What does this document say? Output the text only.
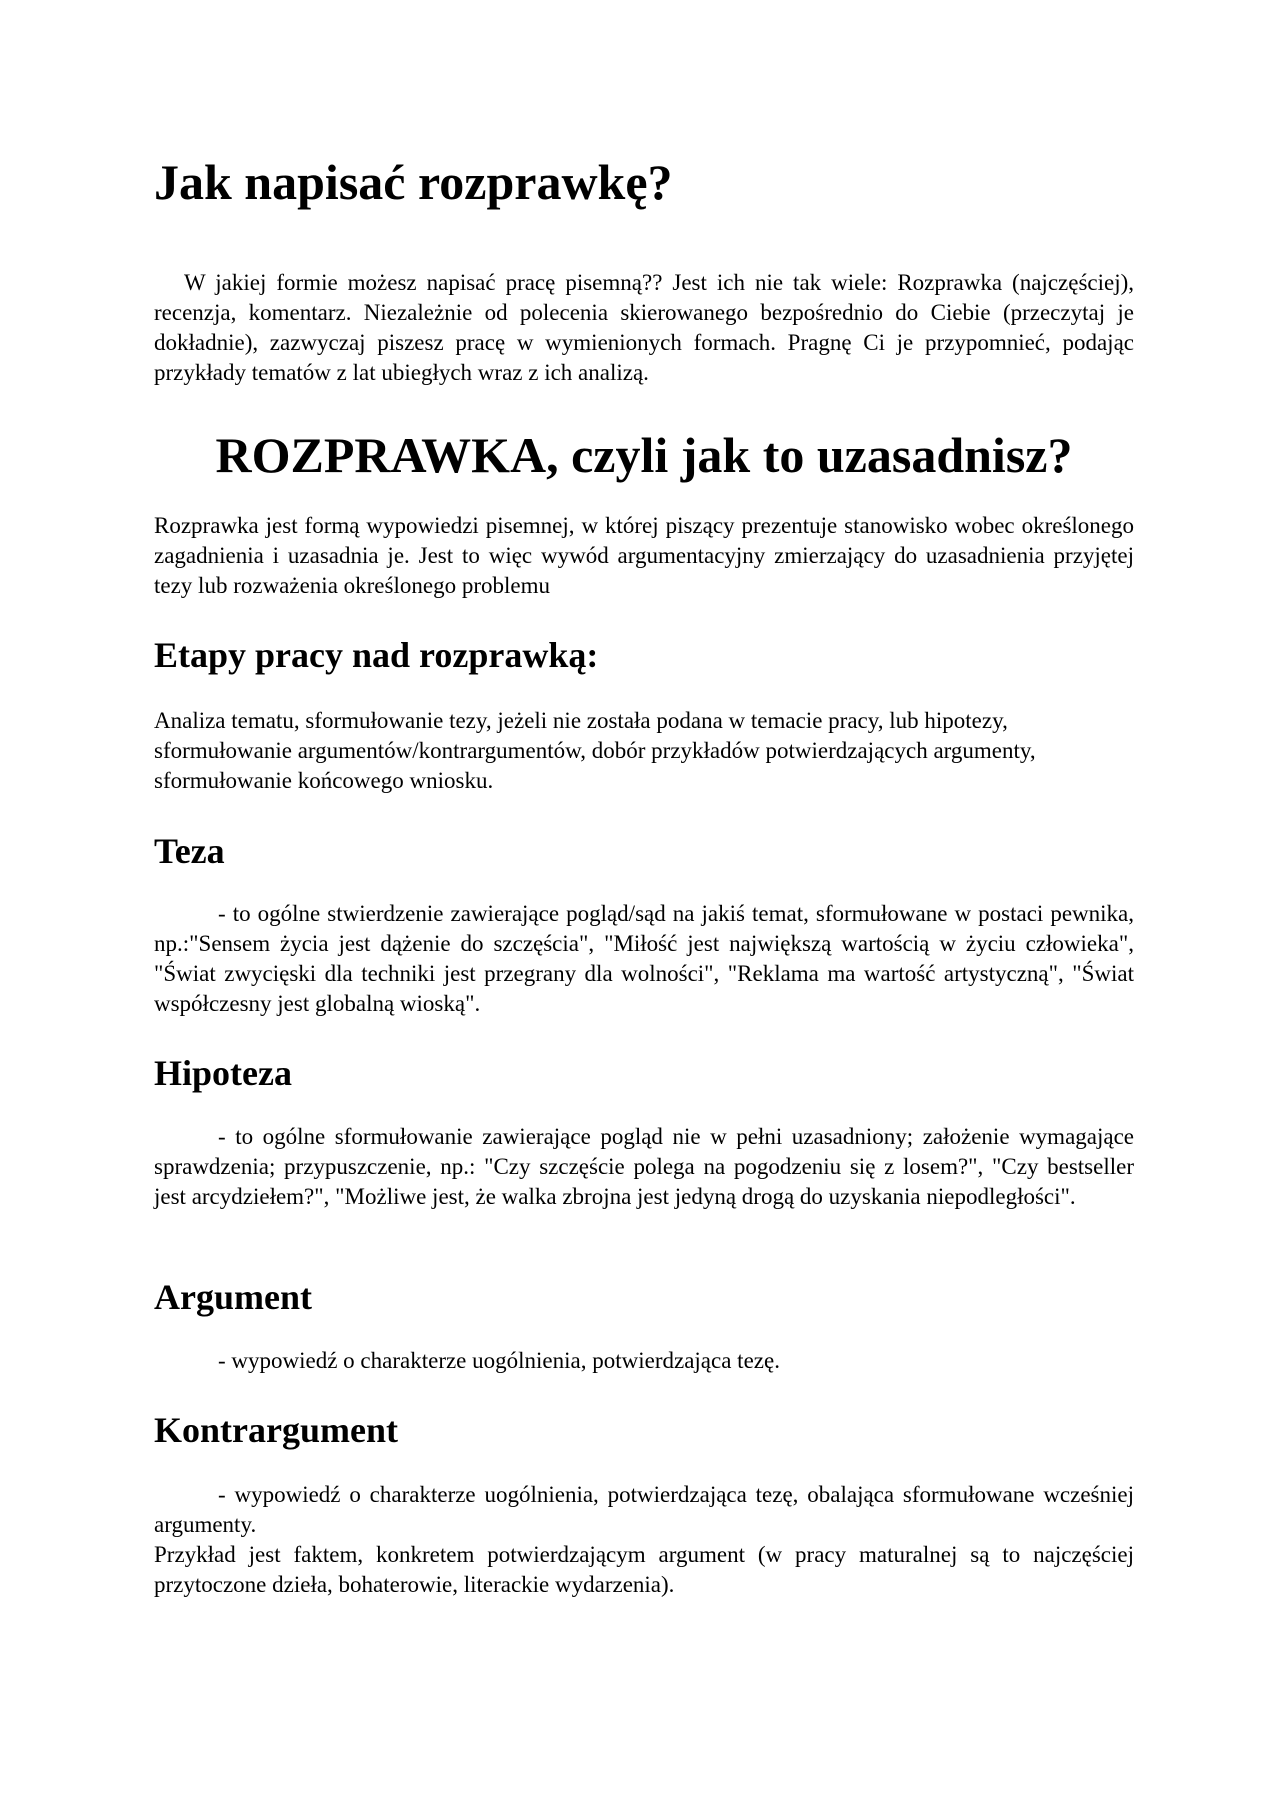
Jak napisać rozprawkę?

W jakiej formie możesz napisać pracę pisemną?? Jest ich nie tak wiele: Rozprawka (najczęściej), recenzja, komentarz. Niezależnie od polecenia skierowanego bezpośrednio do Ciebie (przeczytaj je dokładnie), zazwyczaj piszesz pracę w wymienionych formach. Pragnę Ci je przypomnieć, podając przykłady tematów z lat ubiegłych wraz z ich analizą.

ROZPRAWKA, czyli jak to uzasadnisz?

Rozprawka jest formą wypowiedzi pisemnej, w której piszący prezentuje stanowisko wobec określonego zagadnienia i uzasadnia je. Jest to więc wywód argumentacyjny zmierzający do uzasadnienia przyjętej tezy lub rozważenia określonego problemu

Etapy pracy nad rozprawką:

Analiza tematu, sformułowanie tezy, jeżeli nie została podana w temacie pracy, lub hipotezy, sformułowanie argumentów/kontrargumentów, dobór przykładów potwierdzających argumenty, sformułowanie końcowego wniosku.

Teza

- to ogólne stwierdzenie zawierające pogląd/sąd na jakiś temat, sformułowane w postaci pewnika, np.:"Sensem życia jest dążenie do szczęścia", "Miłość jest największą wartością w życiu człowieka", "Świat zwycięski dla techniki jest przegrany dla wolności", "Reklama ma wartość artystyczną", "Świat współczesny jest globalną wioską".

Hipoteza

- to ogólne sformułowanie zawierające pogląd nie w pełni uzasadniony; założenie wymagające sprawdzenia; przypuszczenie, np.: "Czy szczęście polega na pogodzeniu się z losem?", "Czy bestseller jest arcydziełem?", "Możliwe jest, że walka zbrojna jest jedyną drogą do uzyskania niepodległości".

Argument

- wypowiedź o charakterze uogólnienia, potwierdzająca tezę.

Kontrargument

- wypowiedź o charakterze uogólnienia, potwierdzająca tezę, obalająca sformułowane wcześniej argumenty.

Przykład jest faktem, konkretem potwierdzającym argument (w pracy maturalnej są to najczęściej przytoczone dzieła, bohaterowie, literackie wydarzenia).
